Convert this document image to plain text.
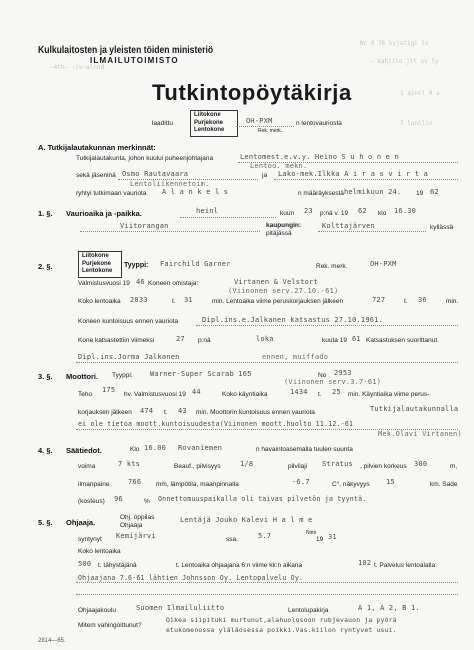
Nc 0 76 kyjatigi lo
— kahjilo jit sv ly
—4th— ~iv~alnnd
1 ainil 0 a
7 lunilio
Kulkulaitosten ja yleisten töiden ministeriö
ILMAILUTOIMISTO
Tutkintopöytäkirja
laadittu
Liitokone
Purjekone
Lentokone
OH-PXM
Rek. merk.
n lentovauriosta
A. Tutkijalautakunnan merkinnät:
Tutkijalautakunta, johon kuului puheenjohtajana	Lentomest.e.v.y. Heino S u h o n e n
Lentoo. mekn.
sekä jäseninä Osmo Rautavaara	ja Lako-mek.Ilkka A i r a s v i r t a
Lentoliikennetoim.
ryhtyi tutkimaan vauriota A l a n k e l s	n määräyksestä helmikuun 24. 19 62
1. §. Vaurioaika ja -paikka.	heinl	kuun 23 p:nä v. 19 62 klo 16.30
Viitorangan	kaupungin:
pitäjässä
Kolttajärven	kyllässä
2. §.
Liitokone
Purjekone
Lentokone
Tyyppi: Fairchild Garner	Rek. merk.	OH-PXM
Valmistusvuosi 19 46 Koneen omistaja:	Virtanen & Velstort
(Viinonen serv.27.10.-61)
Koko lentoaika 2833	t. 31	min. Lentoaika viime peruskorjauksen jälkeen	727	t. 36	min.
Koneen kuntoisuus ennen vauriota	Dipl.ins.e.Jalkanen katsastus 27.10.1961.
Kone katsastettiin viimeksi	27 p:nä	loka	kuuta 19 61 Katsastuksen suorittanut
Dipl.ins.Jorma Jalkanen	ennen, muiffado
3. §. Moottori. Tyyppi: Warner-Super Scarab 165	No 2953
(Viinonen serv.3.7-61)
Teho
175
hv. Valmistusvuosi 19 44	Koko käyntiaika	1434 t. 25 min. Käyntiaika viime perus-
korjauksen jälkeen 474 t. 43 min. Moottorin kuntoisuus ennen vauriota	Tutkijalautakunnalla
ei ole tietoa moott.kuntoisuudesta(Viinonen moott.huolto 11.12.-61
Mek.Olavi Virtanen)
4. §. Säätiedot.	Klo 16.00 Rovaniemen	n havaintoasemalla tuulen suunta
voima	7 kts	Beauf., pilvisyys	1/8	pilvilaji Stratus , pilvien korkeus 300	m,
ilmanpaine	766 mm, lämpötila, maanpinnalla	-6.7	C°, näkyvyys 15	km. Sade
(kosteus) 96	% Onnettomuuspaikalla oli taivas pilvetön ja tyyntä.
5. §. Ohjaaja.
Ohj. oppilas
Ohjaaja
Lentäjä Jouko Kalevi H a l m e
syntynyt Kemijärvi	ssa.	5.7	Nimi
19 31
Koko lentoaika
500 t. tähystäjänä	t. Lentoaika ohjaajana 6:n viime kk:n aikana	102 t. Palvelus lentoalalla:
Ohjaajana 7.6-61 lähtien Johnsson Oy. Lentopalvelu Oy.
Ohjaajakoulu	Suomen Ilmailuliitto	Lentolupakirja	A 1, A 2, B 1.
Mitem vahingoittunut?
Oikea siipituki murtunut,alahuolosoon rubjevauon ja pyörä
etukomenossa yläläosessa poikki.Vas.kiilon ryntyvet usui.
2814—65.
